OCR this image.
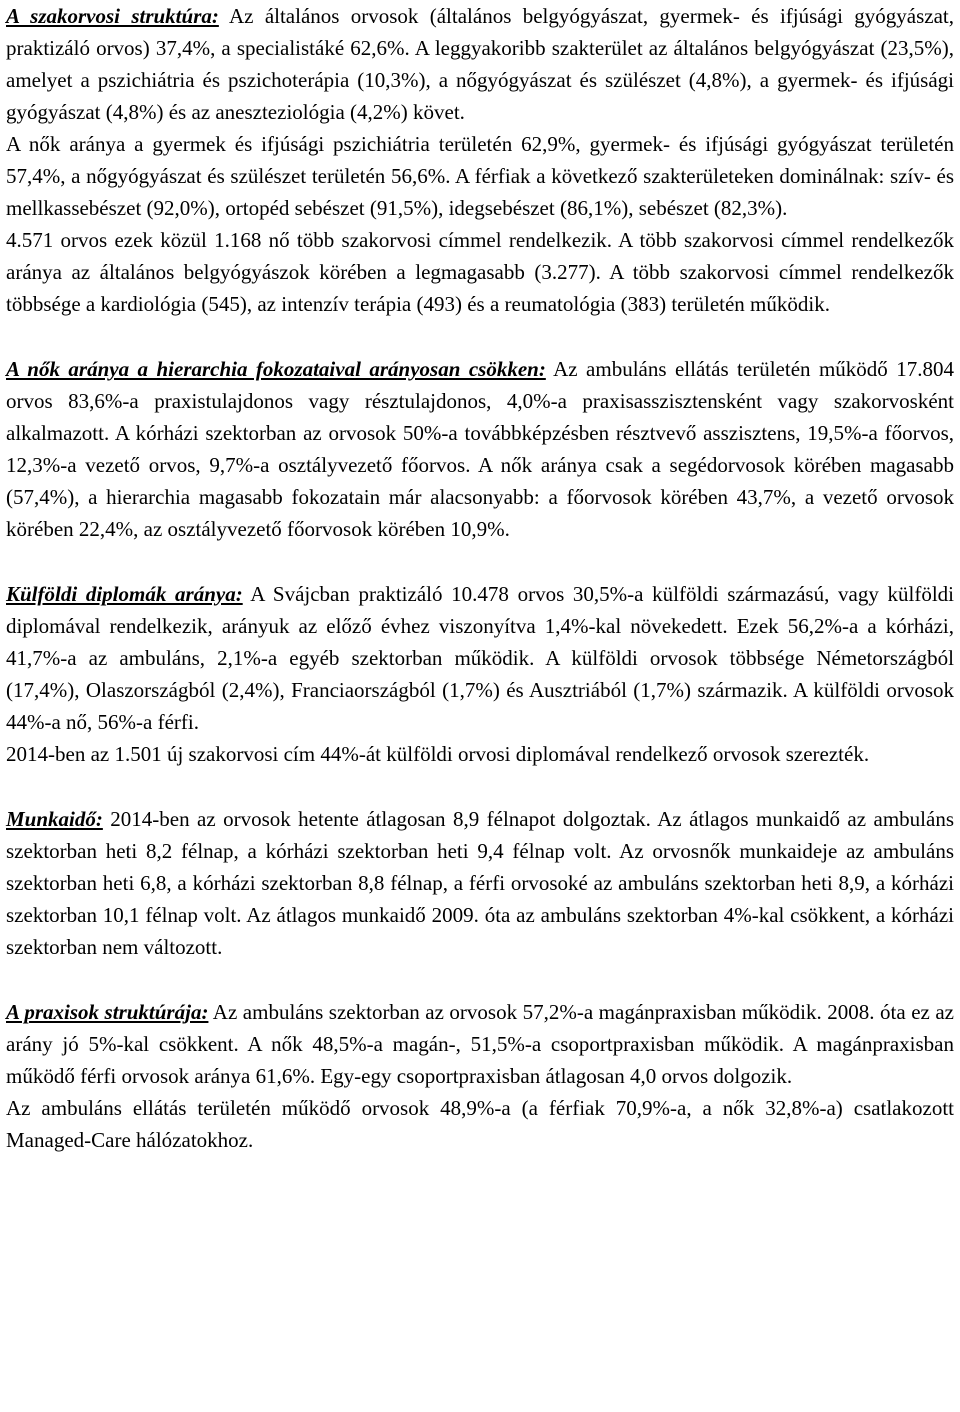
A szakorvosi struktúra: Az általános orvosok (általános belgyógyászat, gyermek- és ifjúsági gyógyászat, praktizáló orvos) 37,4%, a specialistáké 62,6%. A leggyakoribb szakterület az általános belgyógyászat (23,5%), amelyet a pszichiátria és pszichoterápia (10,3%), a nőgyógyászat és szülészet (4,8%), a gyermek- és ifjúsági gyógyászat (4,8%) és az aneszteziológia (4,2%) követ.

A nők aránya a gyermek és ifjúsági pszichiátria területén 62,9%, gyermek- és ifjúsági gyógyászat területén 57,4%, a nőgyógyászat és szülészet területén 56,6%. A férfiak a következő szakterületeken dominálnak: szív- és mellkassebészet (92,0%), ortopéd sebészet (91,5%), idegsebészet (86,1%), sebészet (82,3%).

4.571 orvos ezek közül 1.168 nő több szakorvosi címmel rendelkezik. A több szakorvosi címmel rendelkezők aránya az általános belgyógyászok körében a legmagasabb (3.277). A több szakorvosi címmel rendelkezők többsége a kardiológia (545), az intenzív terápia (493) és a reumatológia (383) területén működik.

A nők aránya a hierarchia fokozataival arányosan csökken: Az ambuláns ellátás területén működő 17.804 orvos 83,6%-a praxistulajdonos vagy résztulajdonos, 4,0%-a praxisasszisztensként vagy szakorvosként alkalmazott. A kórházi szektorban az orvosok 50%-a továbbképzésben résztvevő asszisztens, 19,5%-a főorvos, 12,3%-a vezető orvos, 9,7%-a osztályvezető főorvos. A nők aránya csak a segédorvosok körében magasabb (57,4%), a hierarchia magasabb fokozatain már alacsonyabb: a főorvosok körében 43,7%, a vezető orvosok körében 22,4%, az osztályvezető főorvosok körében 10,9%.

Külföldi diplomák aránya: A Svájcban praktizáló 10.478 orvos 30,5%-a külföldi származású, vagy külföldi diplomával rendelkezik, arányuk az előző évhez viszonyítva 1,4%-kal növekedett. Ezek 56,2%-a a kórházi, 41,7%-a az ambuláns, 2,1%-a egyéb szektorban működik. A külföldi orvosok többsége Németországból (17,4%), Olaszországból (2,4%), Franciaországból (1,7%) és Ausztriából (1,7%) származik. A külföldi orvosok 44%-a nő, 56%-a férfi.

2014-ben az 1.501 új szakorvosi cím 44%-át külföldi orvosi diplomával rendelkező orvosok szerezték.

Munkaidő: 2014-ben az orvosok hetente átlagosan 8,9 félnapot dolgoztak. Az átlagos munkaidő az ambuláns szektorban heti 8,2 félnap, a kórházi szektorban heti 9,4 félnap volt. Az orvosnők munkaideje az ambuláns szektorban heti 6,8, a kórházi szektorban 8,8 félnap, a férfi orvosoké az ambuláns szektorban heti 8,9, a kórházi szektorban 10,1 félnap volt. Az átlagos munkaidő 2009. óta az ambuláns szektorban 4%-kal csökkent, a kórházi szektorban nem változott.

A praxisok struktúrája: Az ambuláns szektorban az orvosok 57,2%-a magánpraxisban működik. 2008. óta ez az arány jó 5%-kal csökkent. A nők 48,5%-a magán-, 51,5%-a csoportpraxisban működik. A magánpraxisban működő férfi orvosok aránya 61,6%. Egy-egy csoportpraxisban átlagosan 4,0 orvos dolgozik.

Az ambuláns ellátás területén működő orvosok 48,9%-a (a férfiak 70,9%-a, a nők 32,8%-a) csatlakozott Managed-Care hálózatokhoz.
